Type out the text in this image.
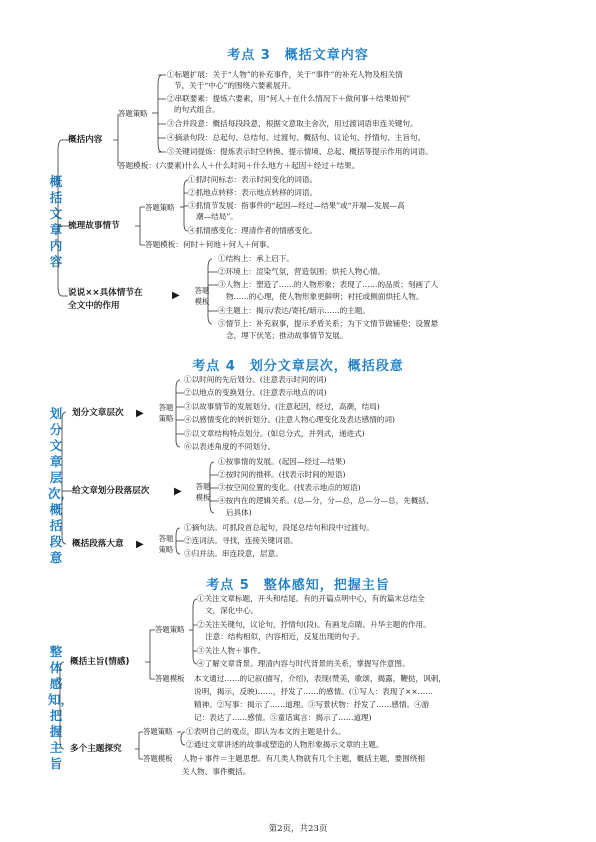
考点 3　概括文章内容
概括文章内容
概括内容
答题策略
①标题扩展：关于“人物”的补充事件，关于“事件”的补充人物及相关情
节，关于“中心”的围绕六要素展开。
②串联要素：提炼六要素，用“何人＋在什么情况下＋做何事＋结果如何”
的句式组合。
③合并段意：概括每段段意，根据文意取主舍次，用过渡词语串连关键句。
④摘录句段：总起句、总结句、过渡句、概括句、议论句、抒情句、主旨句。
⑤关键词提炼：提炼表示时空转换、提示情境、总起、概括等提示作用的词语。
答题模板：(六要素)什么人＋什么时间＋什么地方＋起因＋经过＋结果。
梳理故事情节
答题策略
①抓时间标志：表示时间变化的词语。
②抓地点转移：表示地点转移的词语。
③抓情节发展：指事件的“起因—经过—结果”或“开端—发展—高
潮—结局”。
④抓情感变化：理清作者的情感变化。
答题模板：何时＋何地＋何人＋何事。
说说××具体情节在
全文中的作用
▶ 答题模板
①结构上：承上启下。
②环境上：渲染气氛，营造氛围；烘托人物心情。
③人物上：塑造了……的人物形象；表现了……的品质；刻画了人
物……的心理，使人物形象更鲜明；衬托或侧面烘托人物。
④主题上：揭示/表达/寄托/暗示……的主题。
⑤情节上：补充叙事，提示矛盾关系；为下文情节做铺垫；设置悬
念，埋下伏笔；推动故事情节发展。
考点 4　划分文章层次，概括段意
划分文章层次，概括段意
划分文章层次 ▶
答题策略
①以时间的先后划分。(注意表示时间的词)
②以地点的变换划分。(注意表示地点的词)
③以故事情节的发展划分。(注意起因，经过，高潮，结局)
④以感情变化的转折划分。(注意人物心理变化及表达感情的词)
⑤以文章结构特点划分。(如总分式，并列式，递进式)
⑥以表述角度的不同划分。
给文章划分段落层次 ▶ 答题模板
①按事情的发展。(起因—经过—结果)
②按时间的推移。(找表示时间的短语)
③按空间位置的变化。(找表示地点的短语)
④按内在的逻辑关系。(总—分，分—总，总—分—总，先概括、
后具体)
概括段落大意 ▶
答题策略
①摘句法。可抓段首总起句，段尾总结句和段中过渡句。
②连词法。寻找，连接关键词语。
③归并法。串连段意，层意。
考点 5　整体感知，把握主旨
整体感知，把握主旨
概括主旨(情感)
答题策略
①关注文章标题，开头和结尾。有的开篇点明中心，有的篇末总结全
文，深化中心。
②关注关键句，议论句，抒情句(段)。有画龙点睛、升华主题的作用。
注意：结构相似，内容相近，反复出现的句子。
③关注人物＋事件。
④了解文章背景。理清内容与时代背景的关系，掌握写作意图。
答题模板 本文通过……的记叙(描写，介绍)，表现(赞美，歌颂，揭露，鞭挞，讽刺，
说明，揭示，反映)……，抒发了……的感情。(①写人：表现了××……
精神。②写事：揭示了……道理。③写景状物：抒发了……感情。④游
记：表达了……感情。⑤童话寓言：揭示了……道理)
多个主题探究
答题策略 ①表明自己的观点，即认为本文的主题是什么。
②通过文章讲述的故事或塑造的人物形象揭示文章的主题。
答题模板 人物＋事件＝主题思想。有几类人物就有几个主题，概括主题，要围绕相
关人物、事件概括。
第2页，共23页
